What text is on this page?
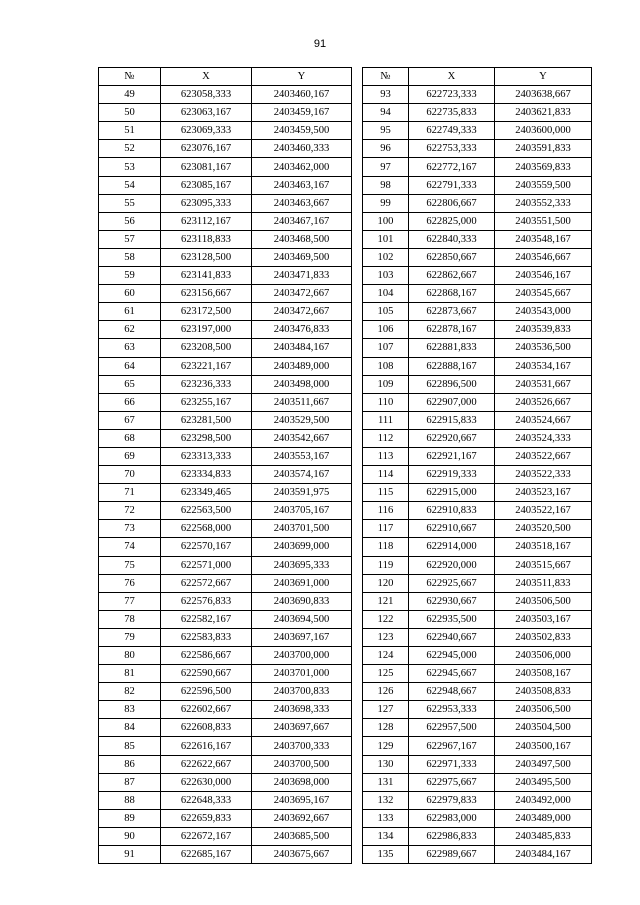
91
№	X	Y
49	623058,333	2403460,167
50	623063,167	2403459,167
51	623069,333	2403459,500
52	623076,167	2403460,333
53	623081,167	2403462,000
54	623085,167	2403463,167
55	623095,333	2403463,667
56	623112,167	2403467,167
57	623118,833	2403468,500
58	623128,500	2403469,500
59	623141,833	2403471,833
60	623156,667	2403472,667
61	623172,500	2403472,667
62	623197,000	2403476,833
63	623208,500	2403484,167
64	623221,167	2403489,000
65	623236,333	2403498,000
66	623255,167	2403511,667
67	623281,500	2403529,500
68	623298,500	2403542,667
69	623313,333	2403553,167
70	623334,833	2403574,167
71	623349,465	2403591,975
72	622563,500	2403705,167
73	622568,000	2403701,500
74	622570,167	2403699,000
75	622571,000	2403695,333
76	622572,667	2403691,000
77	622576,833	2403690,833
78	622582,167	2403694,500
79	622583,833	2403697,167
80	622586,667	2403700,000
81	622590,667	2403701,000
82	622596,500	2403700,833
83	622602,667	2403698,333
84	622608,833	2403697,667
85	622616,167	2403700,333
86	622622,667	2403700,500
87	622630,000	2403698,000
88	622648,333	2403695,167
89	622659,833	2403692,667
90	622672,167	2403685,500
91	622685,167	2403675,667
№	X	Y
93	622723,333	2403638,667
94	622735,833	2403621,833
95	622749,333	2403600,000
96	622753,333	2403591,833
97	622772,167	2403569,833
98	622791,333	2403559,500
99	622806,667	2403552,333
100	622825,000	2403551,500
101	622840,333	2403548,167
102	622850,667	2403546,667
103	622862,667	2403546,167
104	622868,167	2403545,667
105	622873,667	2403543,000
106	622878,167	2403539,833
107	622881,833	2403536,500
108	622888,167	2403534,167
109	622896,500	2403531,667
110	622907,000	2403526,667
111	622915,833	2403524,667
112	622920,667	2403524,333
113	622921,167	2403522,667
114	622919,333	2403522,333
115	622915,000	2403523,167
116	622910,833	2403522,167
117	622910,667	2403520,500
118	622914,000	2403518,167
119	622920,000	2403515,667
120	622925,667	2403511,833
121	622930,667	2403506,500
122	622935,500	2403503,167
123	622940,667	2403502,833
124	622945,000	2403506,000
125	622945,667	2403508,167
126	622948,667	2403508,833
127	622953,333	2403506,500
128	622957,500	2403504,500
129	622967,167	2403500,167
130	622971,333	2403497,500
131	622975,667	2403495,500
132	622979,833	2403492,000
133	622983,000	2403489,000
134	622986,833	2403485,833
135	622989,667	2403484,167
